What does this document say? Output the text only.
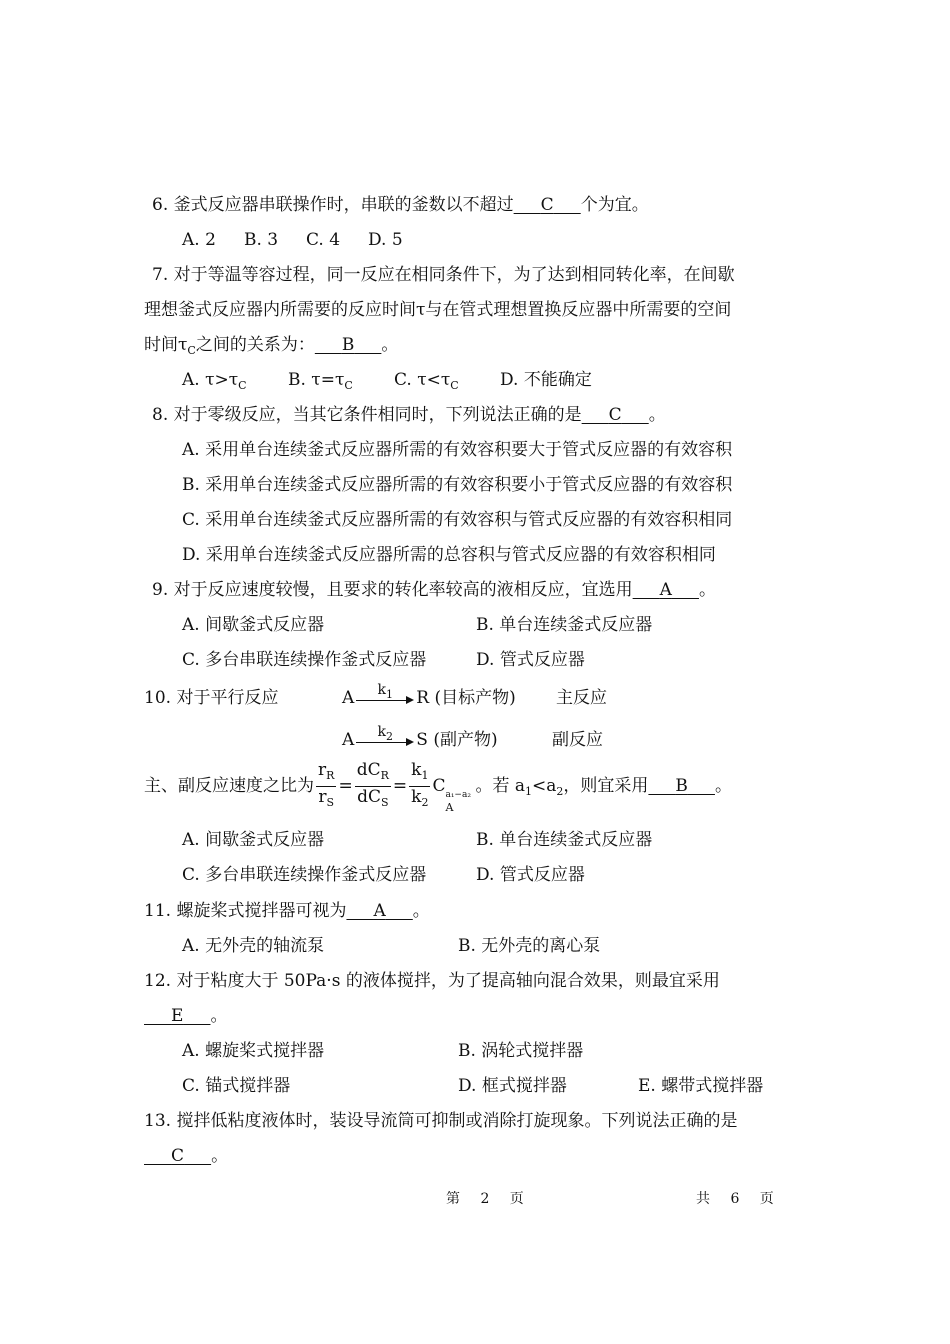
6. 釜式反应器串联操作时，串联的釜数以不超过 C 个为宜。
A. 2 B. 3 C. 4 D. 5
7. 对于等温等容过程，同一反应在相同条件下，为了达到相同转化率，在间歇
理想釜式反应器内所需要的反应时间τ与在管式理想置换反应器中所需要的空间
时间$\tau_C$之间的关系为： B 。
A. $\tau>\tau_C$ B. $\tau=\tau_C$ C. $\tau<\tau_C$ D. 不能确定
8. 对于零级反应，当其它条件相同时，下列说法正确的是 C 。
A. 采用单台连续釜式反应器所需的有效容积要大于管式反应器的有效容积
B. 采用单台连续釜式反应器所需的有效容积要小于管式反应器的有效容积
C. 采用单台连续釜式反应器所需的有效容积与管式反应器的有效容积相同
D. 采用单台连续釜式反应器所需的总容积与管式反应器的有效容积相同
9. 对于反应速度较慢，且要求的转化率较高的液相反应，宜选用 A 。
A. 间歇釜式反应器	B. 单台连续釜式反应器
C. 多台串联连续操作釜式反应器	D. 管式反应器
10. 对于平行反应	A	$k_1$	R (目标产物) 主反应
A	$k_2$	S (副产物)	副反应
主、副反应速度之比为 $\frac{r_R}{r_S} = \frac{dC_R}{dC_S} = \frac{k_1}{k_2}$ C a₁−a₂
A
。若 $a_1<a_2$，则宜采用 B 。
A. 间歇釜式反应器	B. 单台连续釜式反应器
C. 多台串联连续操作釜式反应器	D. 管式反应器
11. 螺旋桨式搅拌器可视为 A 。
A. 无外壳的轴流泵	B. 无外壳的离心泵
12. 对于粘度大于 50Pa·s 的液体搅拌，为了提高轴向混合效果，则最宜采用
E 。
A. 螺旋桨式搅拌器	B. 涡轮式搅拌器
C. 锚式搅拌器	D. 框式搅拌器	E. 螺带式搅拌器
13. 搅拌低粘度液体时，装设导流筒可抑制或消除打旋现象。下列说法正确的是
C 。
第 2 页	共 6 页
